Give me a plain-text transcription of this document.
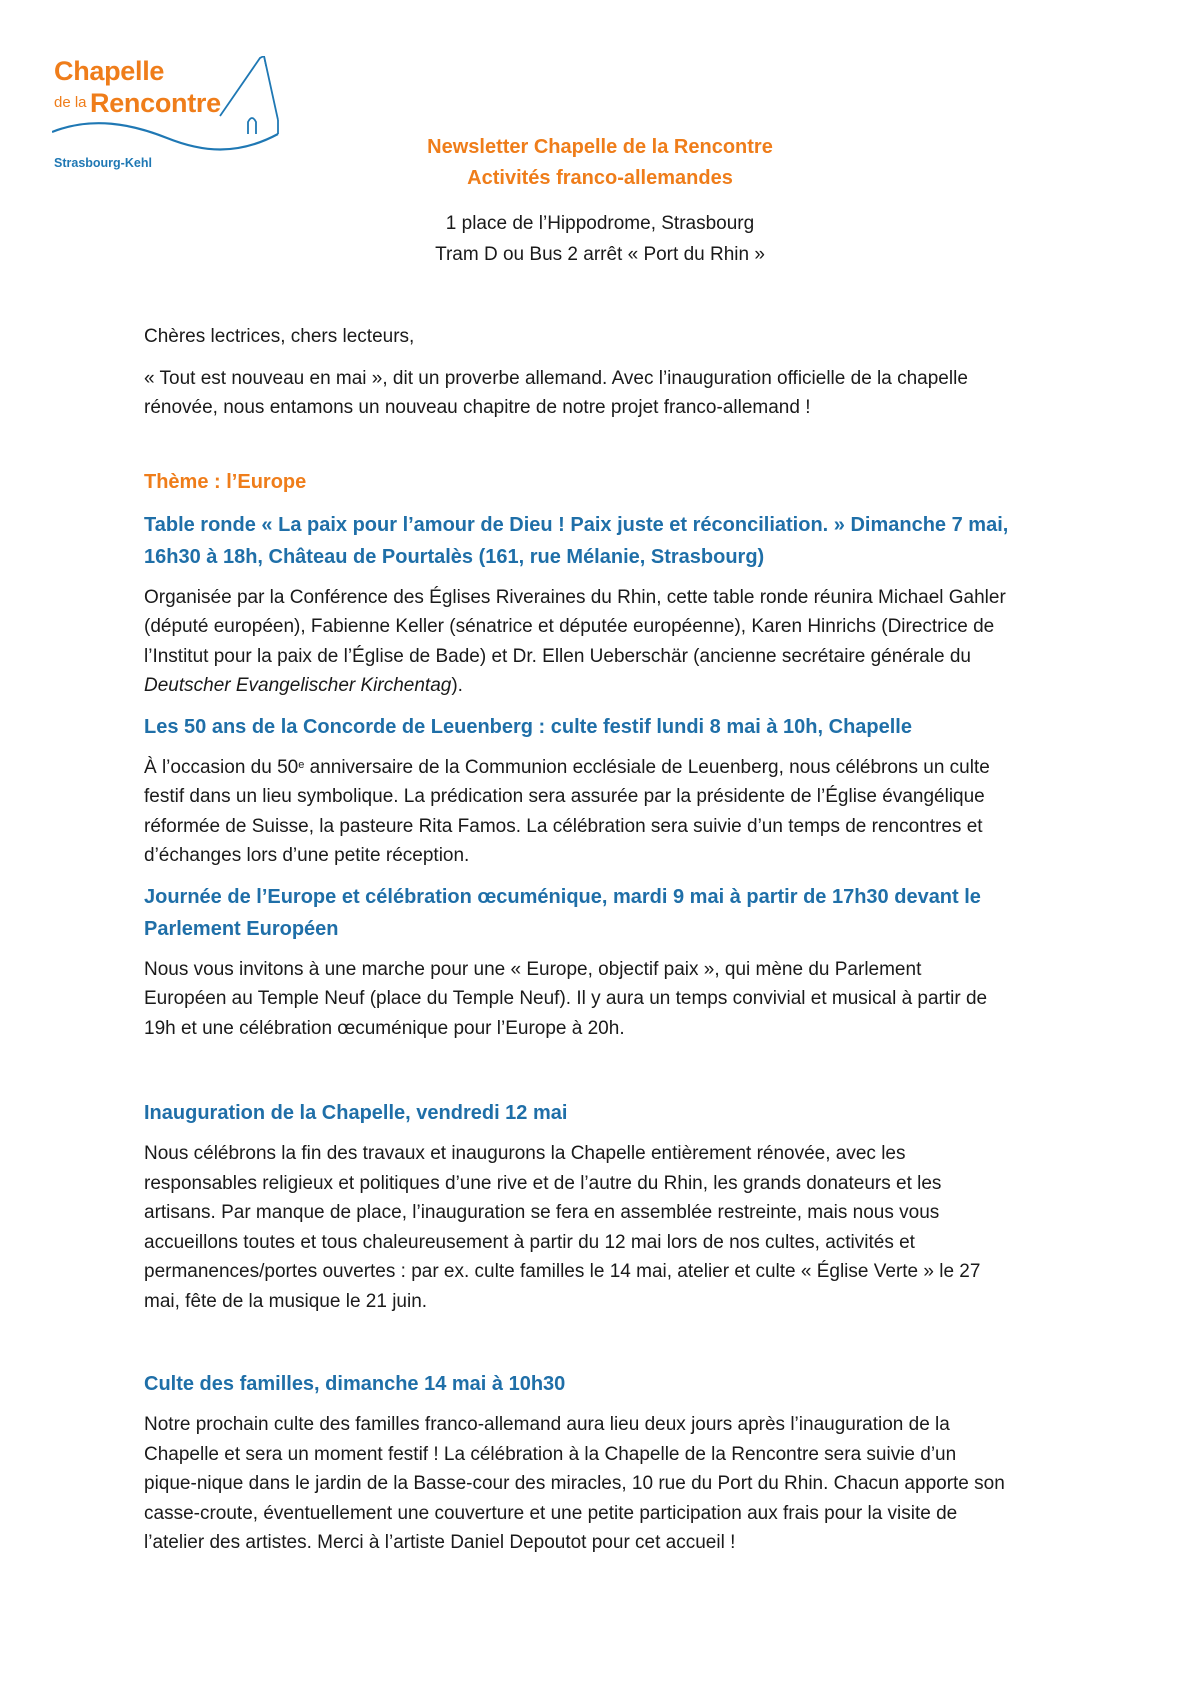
Chapelle
de la Rencontre
Strasbourg-Kehl
Newsletter Chapelle de la Rencontre
Activités franco-allemandes
1 place de l’Hippodrome, Strasbourg
Tram D ou Bus 2 arrêt « Port du Rhin »

Chères lectrices, chers lecteurs,

« Tout est nouveau en mai », dit un proverbe allemand. Avec l’inauguration officielle de la chapelle

rénovée, nous entamons un nouveau chapitre de notre projet franco-allemand !

Thème : l’Europe
Table ronde « La paix pour l’amour de Dieu ! Paix juste et réconciliation. » Dimanche 7 mai,
16h30 à 18h, Château de Pourtalès (161, rue Mélanie, Strasbourg)

Organisée par la Conférence des Églises Riveraines du Rhin, cette table ronde réunira Michael Gahler

(député européen), Fabienne Keller (sénatrice et députée européenne), Karen Hinrichs (Directrice de

l’Institut pour la paix de l’Église de Bade) et Dr. Ellen Ueberschär (ancienne secrétaire générale du

Deutscher Evangelischer Kirchentag).

Les 50 ans de la Concorde de Leuenberg : culte festif lundi 8 mai à 10h, Chapelle

À l’occasion du 50e anniversaire de la Communion ecclésiale de Leuenberg, nous célébrons un culte

festif dans un lieu symbolique. La prédication sera assurée par la présidente de l’Église évangélique

réformée de Suisse, la pasteure Rita Famos. La célébration sera suivie d’un temps de rencontres et

d’échanges lors d’une petite réception.

Journée de l’Europe et célébration œcuménique, mardi 9 mai à partir de 17h30 devant le
Parlement Européen

Nous vous invitons à une marche pour une « Europe, objectif paix », qui mène du Parlement

Européen au Temple Neuf (place du Temple Neuf). Il y aura un temps convivial et musical à partir de

19h et une célébration œcuménique pour l’Europe à 20h.

Inauguration de la Chapelle, vendredi 12 mai

Nous célébrons la fin des travaux et inaugurons la Chapelle entièrement rénovée, avec les

responsables religieux et politiques d’une rive et de l’autre du Rhin, les grands donateurs et les

artisans. Par manque de place, l’inauguration se fera en assemblée restreinte, mais nous vous

accueillons toutes et tous chaleureusement à partir du 12 mai lors de nos cultes, activités et

permanences/portes ouvertes : par ex. culte familles le 14 mai, atelier et culte « Église Verte » le 27

mai, fête de la musique le 21 juin.

Culte des familles, dimanche 14 mai à 10h30

Notre prochain culte des familles franco-allemand aura lieu deux jours après l’inauguration de la

Chapelle et sera un moment festif ! La célébration à la Chapelle de la Rencontre sera suivie d’un

pique-nique dans le jardin de la Basse-cour des miracles, 10 rue du Port du Rhin. Chacun apporte son

casse-croute, éventuellement une couverture et une petite participation aux frais pour la visite de

l’atelier des artistes. Merci à l’artiste Daniel Depoutot pour cet accueil !
